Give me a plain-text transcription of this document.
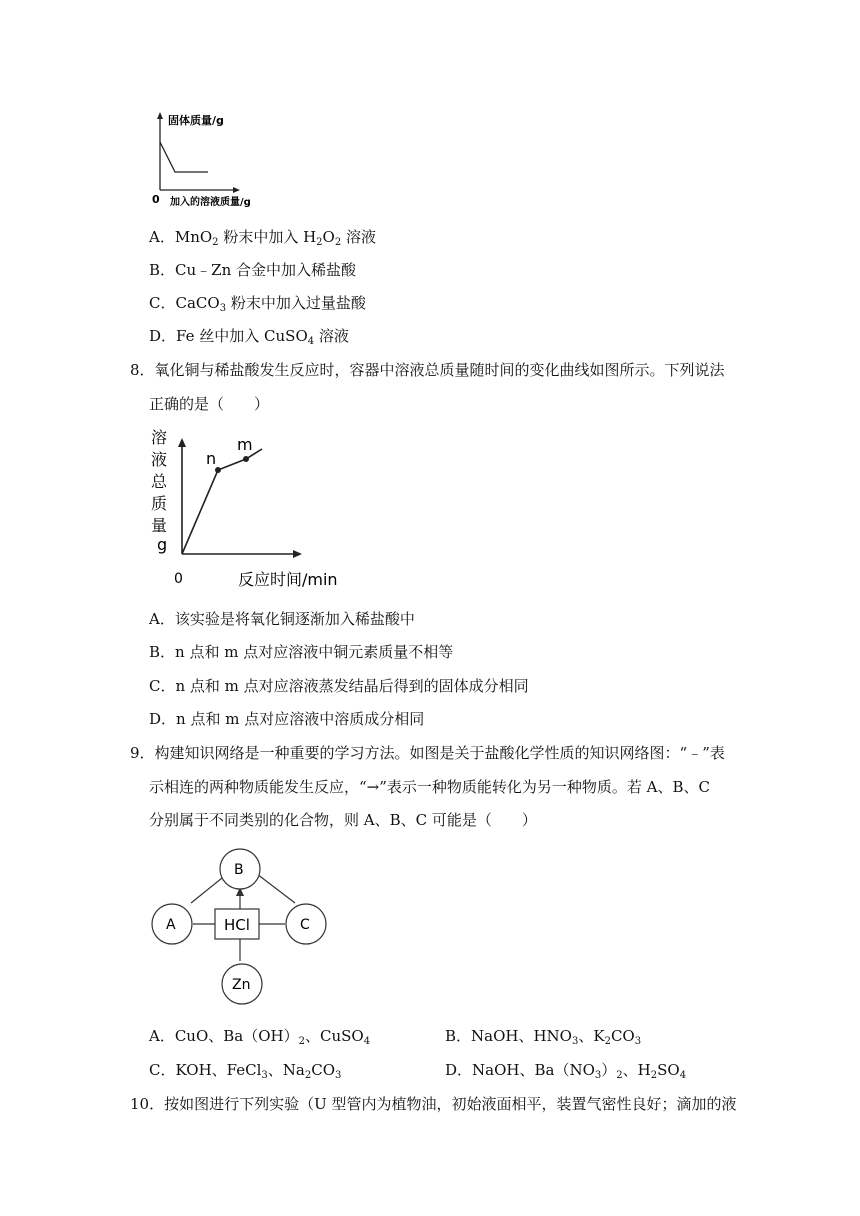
固体质量/g
0 加入的溶液质量/g
A．MnO$_2$ 粉末中加入 $H_2O_2$ 溶液
B．Cu﹣Zn 合金中加入稀盐酸
C．CaCO$_3$ 粉末中加入过量盐酸
D．Fe 丝中加入 CuSO$_4$ 溶液
8．氧化铜与稀盐酸发生反应时，容器中溶液总质量随时间的变化曲线如图所示。下列说法
正确的是（　　）
n
m
溶
液
总
质
量
g
0	反应时间/min
A．该实验是将氧化铜逐渐加入稀盐酸中
B．n 点和 m 点对应溶液中铜元素质量不相等
C．n 点和 m 点对应溶液蒸发结晶后得到的固体成分相同
D．n 点和 m 点对应溶液中溶质成分相同
9．构建知识网络是一种重要的学习方法。如图是关于盐酸化学性质的知识网络图：“﹣”表
示相连的两种物质能发生反应，“→”表示一种物质能转化为另一种物质。若 A、B、C
分别属于不同类别的化合物，则 A、B、C 可能是（　　）
B
A	C
Zn
HCl
A．CuO、$Ba(OH)_2$、CuSO$_4$	B．NaOH、$HNO_3$、$K_2CO_3$
C．KOH、FeCl$_3$、$Na_2CO_3$	D．NaOH、$Ba(NO_3)_2$、$H_2SO_4$
10．按如图进行下列实验（U 型管内为植物油，初始液面相平，装置气密性良好；滴加的液
